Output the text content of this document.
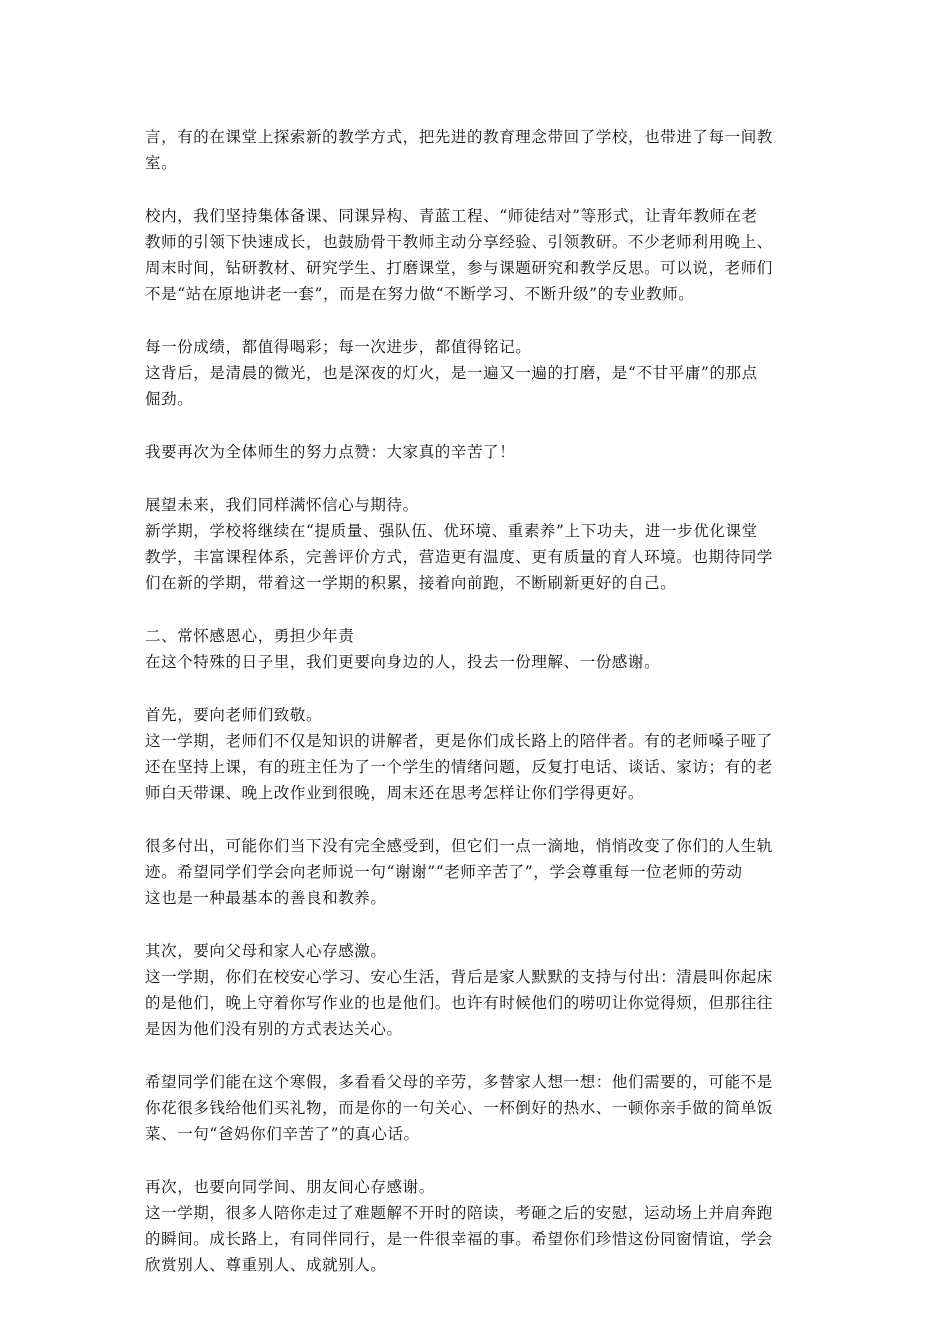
言，有的在课堂上探索新的教学方式，把先进的教育理念带回了学校，也带进了每一间教
室。
校内，我们坚持集体备课、同课异构、青蓝工程、“师徒结对”等形式，让青年教师在老
教师的引领下快速成长，也鼓励骨干教师主动分享经验、引领教研。不少老师利用晚上、
周末时间，钻研教材、研究学生、打磨课堂，参与课题研究和教学反思。可以说，老师们
不是“站在原地讲老一套”，而是在努力做“不断学习、不断升级”的专业教师。
每一份成绩，都值得喝彩；每一次进步，都值得铭记。
这背后，是清晨的微光，也是深夜的灯火，是一遍又一遍的打磨，是“不甘平庸”的那点
倔劲。
我要再次为全体师生的努力点赞：大家真的辛苦了！
展望未来，我们同样满怀信心与期待。
新学期，学校将继续在“提质量、强队伍、优环境、重素养”上下功夫，进一步优化课堂
教学，丰富课程体系，完善评价方式，营造更有温度、更有质量的育人环境。也期待同学
们在新的学期，带着这一学期的积累，接着向前跑，不断刷新更好的自己。
二、常怀感恩心，勇担少年责
在这个特殊的日子里，我们更要向身边的人，投去一份理解、一份感谢。
首先，要向老师们致敬。
这一学期，老师们不仅是知识的讲解者，更是你们成长路上的陪伴者。有的老师嗓子哑了
还在坚持上课，有的班主任为了一个学生的情绪问题，反复打电话、谈话、家访；有的老
师白天带课、晚上改作业到很晚，周末还在思考怎样让你们学得更好。
很多付出，可能你们当下没有完全感受到，但它们一点一滴地，悄悄改变了你们的人生轨
迹。希望同学们学会向老师说一句“谢谢”“老师辛苦了”，学会尊重每一位老师的劳动
这也是一种最基本的善良和教养。
其次，要向父母和家人心存感激。
这一学期，你们在校安心学习、安心生活，背后是家人默默的支持与付出：清晨叫你起床
的是他们，晚上守着你写作业的也是他们。也许有时候他们的唠叨让你觉得烦，但那往往
是因为他们没有别的方式表达关心。
希望同学们能在这个寒假，多看看父母的辛劳，多替家人想一想：他们需要的，可能不是
你花很多钱给他们买礼物，而是你的一句关心、一杯倒好的热水、一顿你亲手做的简单饭
菜、一句“爸妈你们辛苦了”的真心话。
再次，也要向同学间、朋友间心存感谢。
这一学期，很多人陪你走过了难题解不开时的陪读，考砸之后的安慰，运动场上并肩奔跑
的瞬间。成长路上，有同伴同行，是一件很幸福的事。希望你们珍惜这份同窗情谊，学会
欣赏别人、尊重别人、成就别人。
